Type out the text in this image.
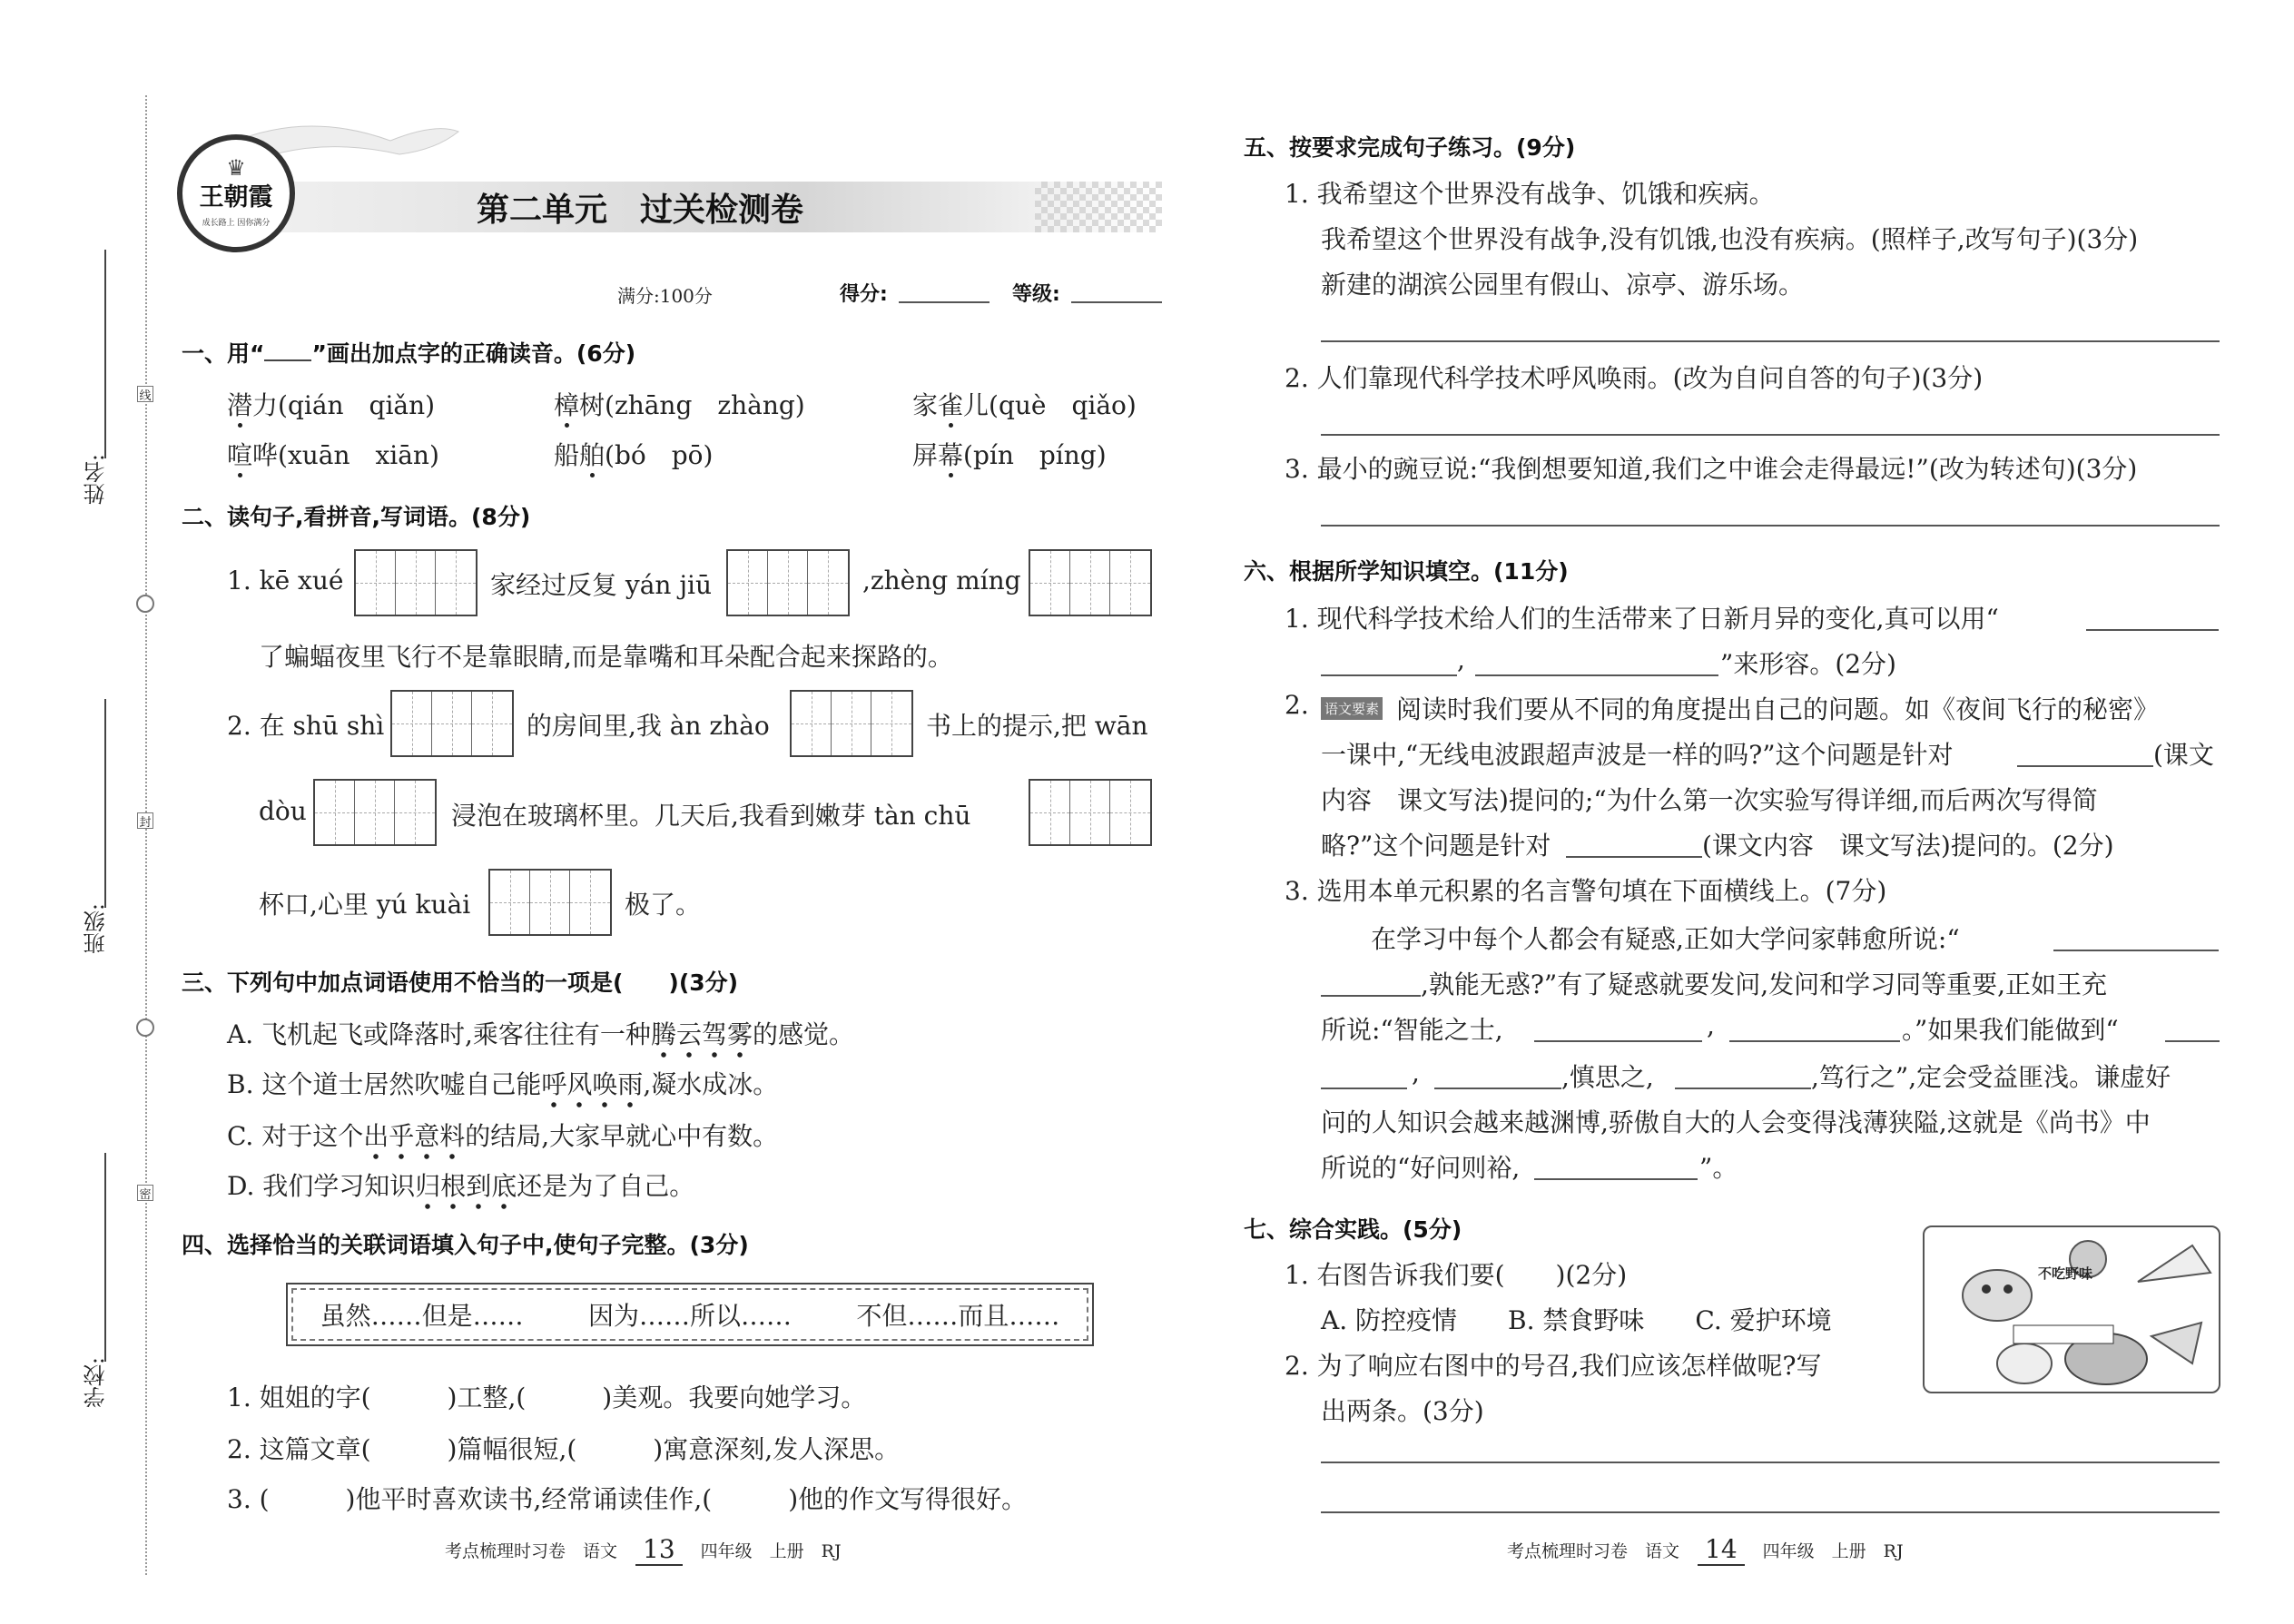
线
封
密
姓名:
班级:
学校:
♛
王朝霞
成长路上 因你满分	第二单元　过关检测卷
满分:100分	得分:	等级:
一、用“ ”画出加点字的正确读音。(6分)
潜力(qián　qiǎn)	樟树(zhāng　zhàng)	家雀儿(què　qiǎo)
喧哗(xuān　xiān)	船舶(bó　pō)	屏幕(pín　píng)
二、读句子,看拼音,写词语。(8分)
1. kē xué	家经过反复 yán jiū	,zhèng míng
了蝙蝠夜里飞行不是靠眼睛,而是靠嘴和耳朵配合起来探路的。
2. 在 shū shì	的房间里,我 àn zhào	书上的提示,把 wān
dòu	浸泡在玻璃杯里。几天后,我看到嫩芽 tàn chū
杯口,心里 yú kuài	极了。
三、下列句中加点词语使用不恰当的一项是(　　)(3分)
A. 飞机起飞或降落时,乘客往往有一种腾云驾雾的感觉。
B. 这个道士居然吹嘘自己能呼风唤雨,凝水成冰。
C. 对于这个出乎意料的结局,大家早就心中有数。
D. 我们学习知识归根到底还是为了自己。
四、选择恰当的关联词语填入句子中,使句子完整。(3分)
虽然……但是……	因为……所以……	不但……而且……
1. 姐姐的字(　　　)工整,(　　　)美观。我要向她学习。
2. 这篇文章(　　　)篇幅很短,(　　　)寓意深刻,发人深思。
3. (　　　)他平时喜欢读书,经常诵读佳作,(　　　)他的作文写得很好。
考点梳理时习卷　语文 13	四年级　上册　RJ
五、按要求完成句子练习。(9分)
1. 我希望这个世界没有战争、饥饿和疾病。
我希望这个世界没有战争,没有饥饿,也没有疾病。(照样子,改写句子)(3分)
新建的湖滨公园里有假山、凉亭、游乐场。
2. 人们靠现代科学技术呼风唤雨。(改为自问自答的句子)(3分)
3. 最小的豌豆说:“我倒想要知道,我们之中谁会走得最远!”(改为转述句)(3分)
六、根据所学知识填空。(11分)
1. 现代科学技术给人们的生活带来了日新月异的变化,真可以用“
,	”来形容。(2分)
2. 语文要素 阅读时我们要从不同的角度提出自己的问题。如《夜间飞行的秘密》
一课中,“无线电波跟超声波是一样的吗?”这个问题是针对	(课文
内容　课文写法)提问的;“为什么第一次实验写得详细,而后两次写得简
略?”这个问题是针对	(课文内容　课文写法)提问的。(2分)
3. 选用本单元积累的名言警句填在下面横线上。(7分)
在学习中每个人都会有疑惑,正如大学问家韩愈所说:“
,孰能无惑?”有了疑惑就要发问,发问和学习同等重要,正如王充
所说:“智能之士,	,	。”如果我们能做到“
,	,慎思之,	,笃行之”,定会受益匪浅。谦虚好
问的人知识会越来越渊博,骄傲自大的人会变得浅薄狭隘,这就是《尚书》中
所说的“好问则裕,	”。
七、综合实践。(5分)
1. 右图告诉我们要(　　)(2分)
A. 防控疫情　　B. 禁食野味　　C. 爱护环境
2. 为了响应右图中的号召,我们应该怎样做呢?写
出两条。(3分)
不吃野味
考点梳理时习卷　语文 14	四年级　上册　RJ
